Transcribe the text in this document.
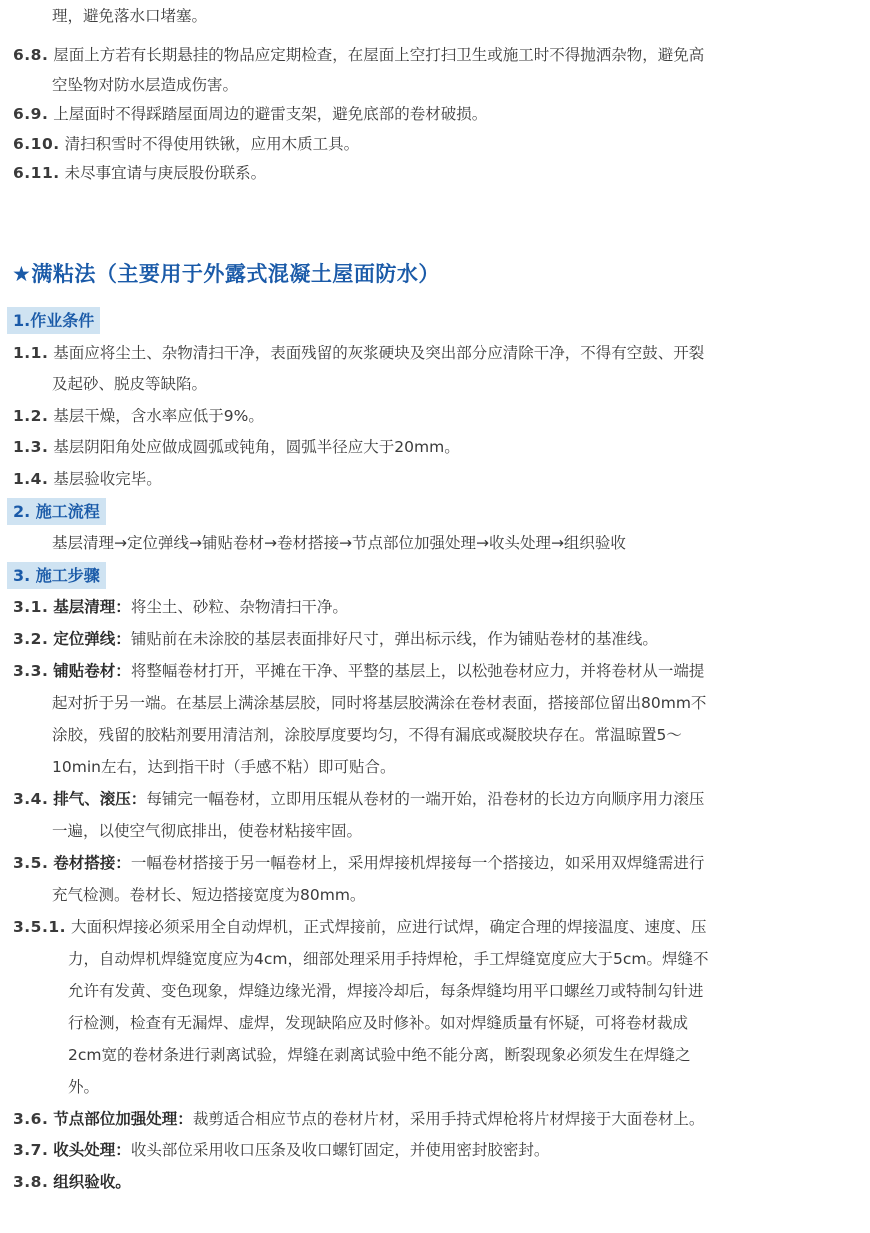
理，避免落水口堵塞。
6.8. 屋面上方若有长期悬挂的物品应定期检查，在屋面上空打扫卫生或施工时不得抛洒杂物，避免高
空坠物对防水层造成伤害。
6.9. 上屋面时不得踩踏屋面周边的避雷支架，避免底部的卷材破损。
6.10. 清扫积雪时不得使用铁锹，应用木质工具。
6.11. 未尽事宜请与庚辰股份联系。
★满粘法（主要用于外露式混凝土屋面防水）
1.作业条件
1.1. 基面应将尘土、杂物清扫干净，表面残留的灰浆硬块及突出部分应清除干净，不得有空鼓、开裂
及起砂、脱皮等缺陷。
1.2. 基层干燥，含水率应低于9%。
1.3. 基层阴阳角处应做成圆弧或钝角，圆弧半径应大于20mm。
1.4. 基层验收完毕。
2. 施工流程
基层清理→定位弹线→铺贴卷材→卷材搭接→节点部位加强处理→收头处理→组织验收
3. 施工步骤
3.1. 基层清理：将尘土、砂粒、杂物清扫干净。
3.2. 定位弹线：铺贴前在未涂胶的基层表面排好尺寸，弹出标示线，作为铺贴卷材的基准线。
3.3. 铺贴卷材：将整幅卷材打开，平摊在干净、平整的基层上，以松弛卷材应力，并将卷材从一端提
起对折于另一端。在基层上满涂基层胶，同时将基层胶满涂在卷材表面，搭接部位留出80mm不
涂胶，残留的胶粘剂要用清洁剂，涂胶厚度要均匀，不得有漏底或凝胶块存在。常温晾置5～
10min左右，达到指干时（手感不粘）即可贴合。
3.4. 排气、滚压：每铺完一幅卷材，立即用压辊从卷材的一端开始，沿卷材的长边方向顺序用力滚压
一遍，以使空气彻底排出，使卷材粘接牢固。
3.5. 卷材搭接：一幅卷材搭接于另一幅卷材上，采用焊接机焊接每一个搭接边，如采用双焊缝需进行
充气检测。卷材长、短边搭接宽度为80mm。
3.5.1. 大面积焊接必须采用全自动焊机，正式焊接前，应进行试焊，确定合理的焊接温度、速度、压
力，自动焊机焊缝宽度应为4cm，细部处理采用手持焊枪，手工焊缝宽度应大于5cm。焊缝不
允许有发黄、变色现象，焊缝边缘光滑，焊接冷却后，每条焊缝均用平口螺丝刀或特制勾针进
行检测，检查有无漏焊、虚焊，发现缺陷应及时修补。如对焊缝质量有怀疑，可将卷材裁成
2cm宽的卷材条进行剥离试验，焊缝在剥离试验中绝不能分离，断裂现象必须发生在焊缝之
外。
3.6. 节点部位加强处理：裁剪适合相应节点的卷材片材，采用手持式焊枪将片材焊接于大面卷材上。
3.7. 收头处理：收头部位采用收口压条及收口螺钉固定，并使用密封胶密封。
3.8. 组织验收。
